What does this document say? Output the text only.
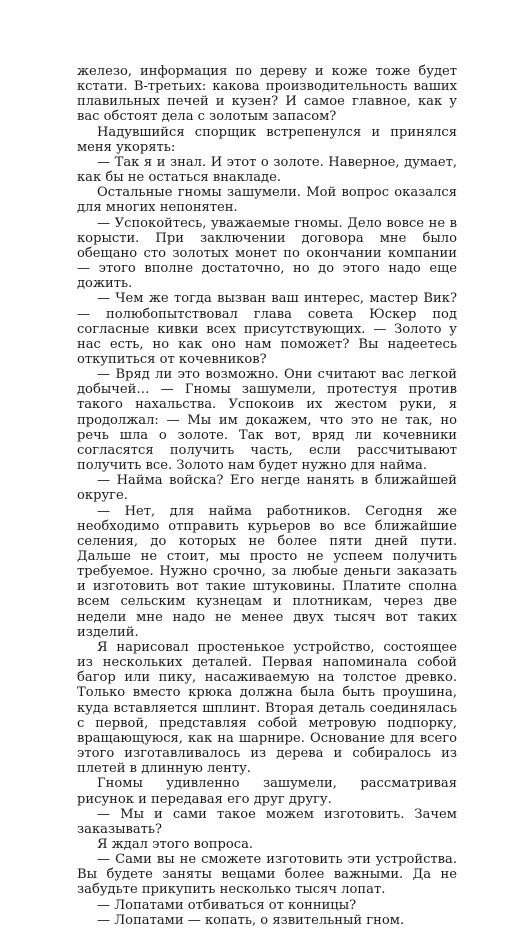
железо, информация по дереву и коже тоже будет кстати. В-третьих: какова производительность ваших плавильных печей и кузен? И самое главное, как у вас обстоят дела с золотым запасом?

Надувшийся спорщик встрепенулся и принялся меня укорять:

— Так я и знал. И этот о золоте. Наверное, думает, как бы не остаться внакладе.

Остальные гномы зашумели. Мой вопрос оказался для многих непонятен.

— Успокойтесь, уважаемые гномы. Дело вовсе не в корысти. При заключении договора мне было обещано сто золотых монет по окончании компании — этого вполне достаточно, но до этого надо еще дожить.

— Чем же тогда вызван ваш интерес, мастер Вик? — полюбопытствовал глава совета Юскер под согласные кивки всех присутствующих. — Золото у нас есть, но как оно нам поможет? Вы надеетесь откупиться от кочевников?

— Вряд ли это возможно. Они считают вас легкой добычей… — Гномы зашумели, протестуя против такого нахальства. Успокоив их жестом руки, я продолжал: — Мы им докажем, что это не так, но речь шла о золоте. Так вот, вряд ли кочевники согласятся получить часть, если рассчитывают получить все. Золото нам будет нужно для найма.

— Найма войска? Его негде нанять в ближайшей округе.

— Нет, для найма работников. Сегодня же необходимо отправить курьеров во все ближайшие селения, до которых не более пяти дней пути. Дальше не стоит, мы просто не успеем получить требуемое. Нужно срочно, за любые деньги заказать и изготовить вот такие штуковины. Платите сполна всем сельским кузнецам и плотникам, через две недели мне надо не менее двух тысяч вот таких изделий.

Я нарисовал простенькое устройство, состоящее из нескольких деталей. Первая напоминала собой багор или пику, насаживаемую на толстое древко. Только вместо крюка должна была быть проушина, куда вставляется шплинт. Вторая деталь соединялась с первой, представляя собой метровую подпорку, вращающуюся, как на шарнире. Основание для всего этого изготавливалось из дерева и собиралось из плетей в длинную ленту.

Гномы удивленно зашумели, рассматривая рисунок и передавая его друг другу.

— Мы и сами такое можем изготовить. Зачем заказывать?

Я ждал этого вопроса.

— Сами вы не сможете изготовить эти устройства. Вы будете заняты вещами более важными. Да не забудьте прикупить несколько тысяч лопат.

— Лопатами отбиваться от конницы?

— Лопатами — копать, о язвительный гном.
